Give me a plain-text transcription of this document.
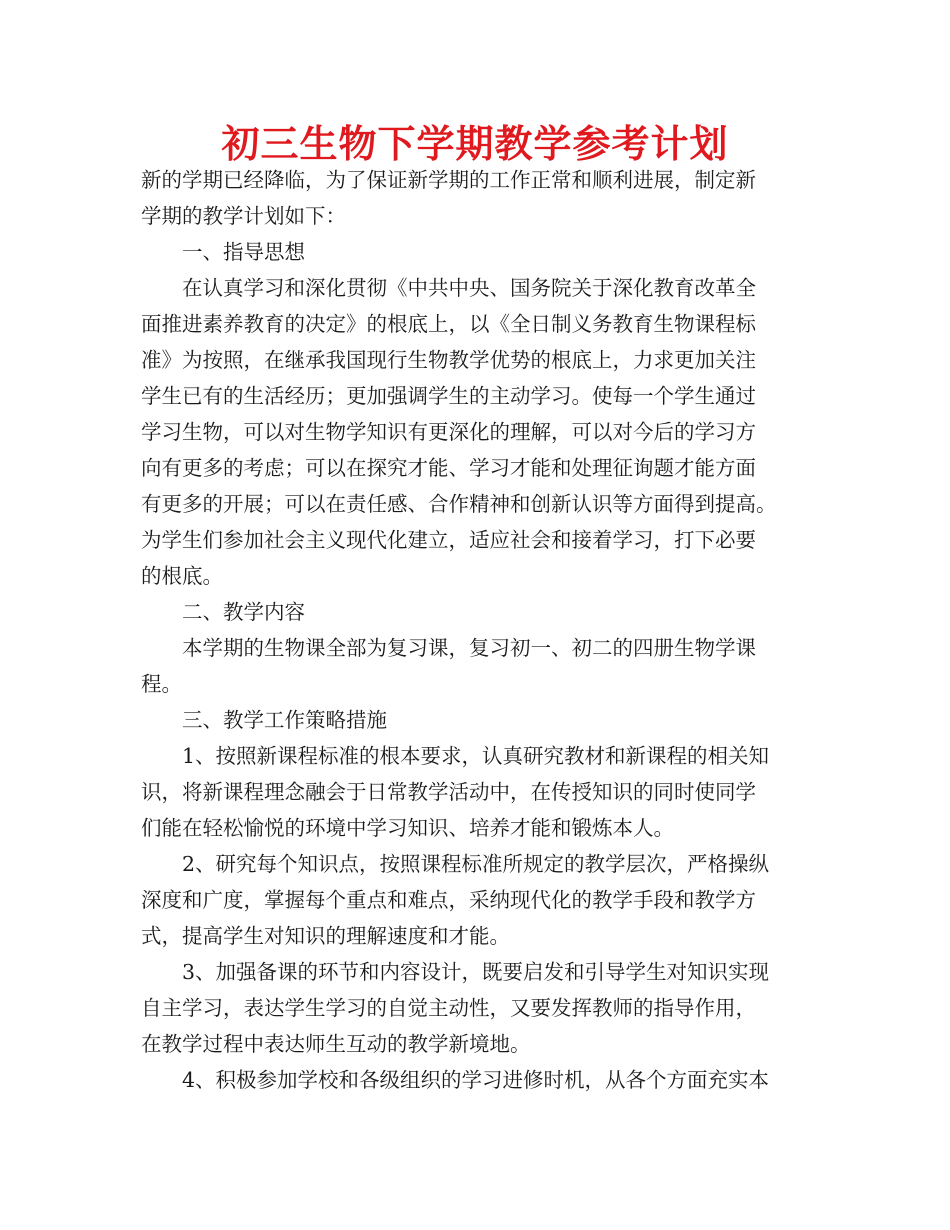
初三生物下学期教学参考计划
新的学期已经降临，为了保证新学期的工作正常和顺利进展，制定新
学期的教学计划如下：
一、指导思想
在认真学习和深化贯彻《中共中央、国务院关于深化教育改革全
面推进素养教育的决定》的根底上，以《全日制义务教育生物课程标
准》为按照，在继承我国现行生物教学优势的根底上，力求更加关注
学生已有的生活经历；更加强调学生的主动学习。使每一个学生通过
学习生物，可以对生物学知识有更深化的理解，可以对今后的学习方
向有更多的考虑；可以在探究才能、学习才能和处理征询题才能方面
有更多的开展；可以在责任感、合作精神和创新认识等方面得到提高。
为学生们参加社会主义现代化建立，适应社会和接着学习，打下必要
的根底。
二、教学内容
本学期的生物课全部为复习课，复习初一、初二的四册生物学课
程。
三、教学工作策略措施
1、按照新课程标准的根本要求，认真研究教材和新课程的相关知
识，将新课程理念融会于日常教学活动中，在传授知识的同时使同学
们能在轻松愉悦的环境中学习知识、培养才能和锻炼本人。
2、研究每个知识点，按照课程标准所规定的教学层次，严格操纵
深度和广度，掌握每个重点和难点，采纳现代化的教学手段和教学方
式，提高学生对知识的理解速度和才能。
3、加强备课的环节和内容设计，既要启发和引导学生对知识实现
自主学习，表达学生学习的自觉主动性，又要发挥教师的指导作用，
在教学过程中表达师生互动的教学新境地。
4、积极参加学校和各级组织的学习进修时机，从各个方面充实本
